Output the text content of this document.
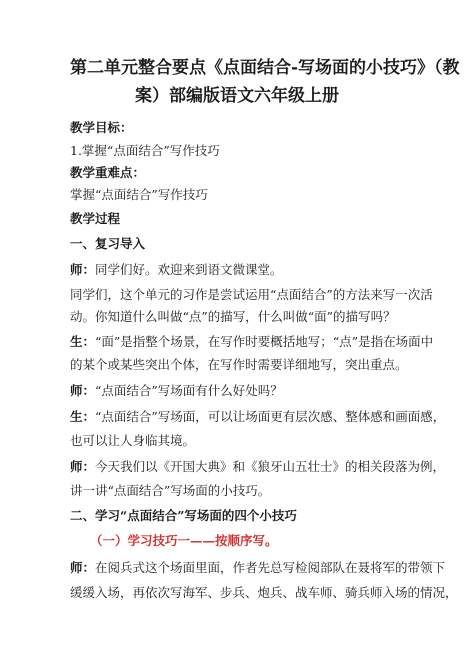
第二单元整合要点《点面结合-写场面的小技巧》（教
案）部编版语文六年级上册
教学目标：
1.掌握“点面结合”写作技巧
教学重难点：
掌握“点面结合”写作技巧
教学过程
一、复习导入
师：同学们好。欢迎来到语文微课堂。
同学们，这个单元的习作是尝试运用“点面结合”的方法来写一次活
动。你知道什么叫做“点”的描写，什么叫做“面”的描写吗？
生：“面”是指整个场景，在写作时要概括地写；“点”是指在场面中
的某个或某些突出个体，在写作时需要详细地写，突出重点。
师：“点面结合”写场面有什么好处吗？
生：“点面结合”写场面，可以让场面更有层次感、整体感和画面感，
也可以让人身临其境。
师：今天我们以《开国大典》和《狼牙山五壮士》的相关段落为例，
讲一讲“点面结合”写场面的小技巧。
二、学习“点面结合”写场面的四个小技巧
（一）学习技巧一——按顺序写。
师：在阅兵式这个场面里面，作者先总写检阅部队在聂将军的带领下
缓缓入场，再依次写海军、步兵、炮兵、战车师、骑兵师入场的情况，
